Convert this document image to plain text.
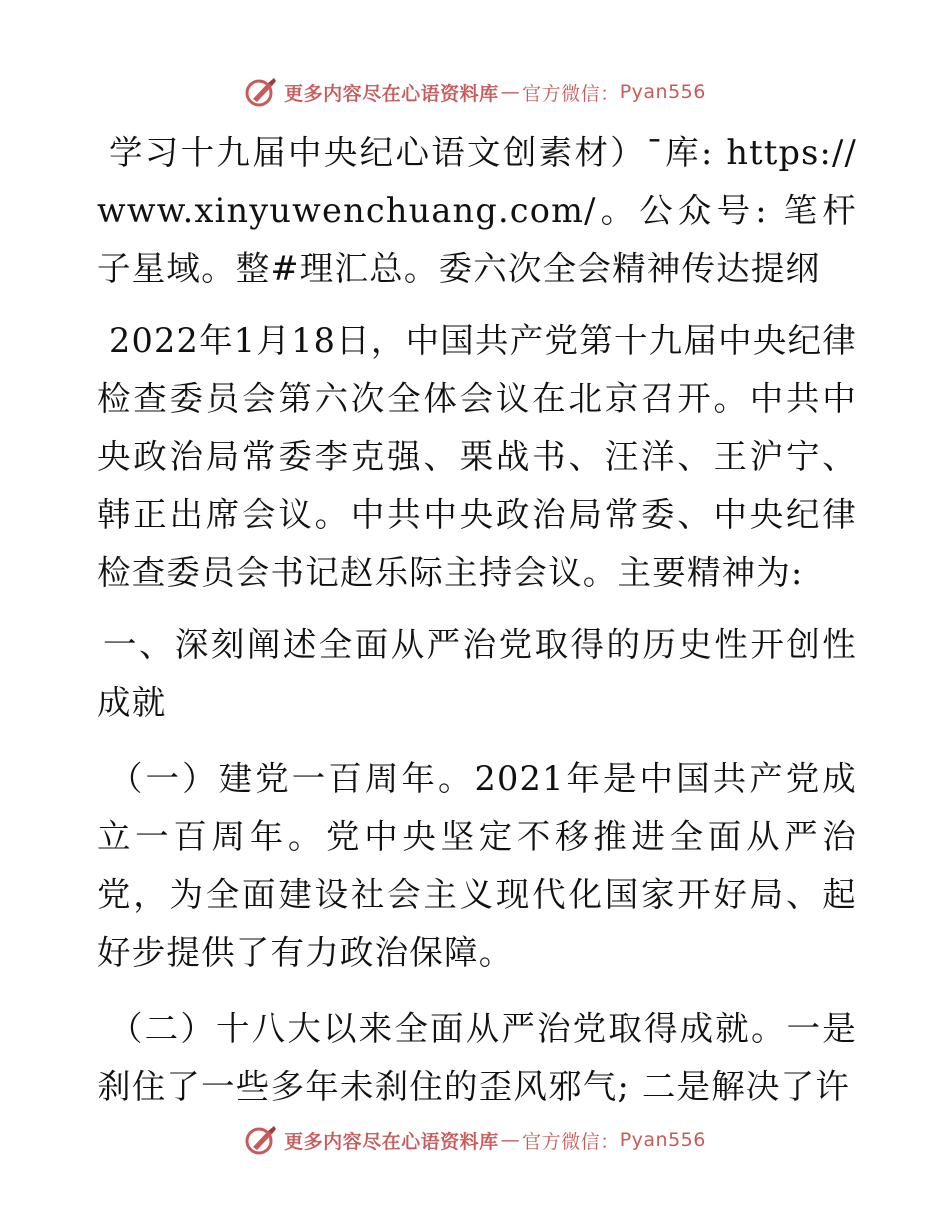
更多内容尽在心语资料库 — 官方微信： Pyan556

学习十九届中央纪心语文创素材）¯库: https://www.xinyuwenchuang.com/。公众号: 笔杆子星域。整#理汇总。委六次全会精神传达提纲

2022年1月18日，中国共产党第十九届中央纪律检查委员会第六次全体会议在北京召开。中共中央政治局常委李克强、栗战书、汪洋、王沪宁、韩正出席会议。中共中央政治局常委、中央纪律检查委员会书记赵乐际主持会议。主要精神为:

一、深刻阐述全面从严治党取得的历史性开创性成就

（一）建党一百周年。2021年是中国共产党成立一百周年。党中央坚定不移推进全面从严治党，为全面建设社会主义现代化国家开好局、起好步提供了有力政治保障。

（二）十八大以来全面从严治党取得成就。一是刹住了一些多年未刹住的歪风邪气; 二是解决了许

更多内容尽在心语资料库 — 官方微信： Pyan556
